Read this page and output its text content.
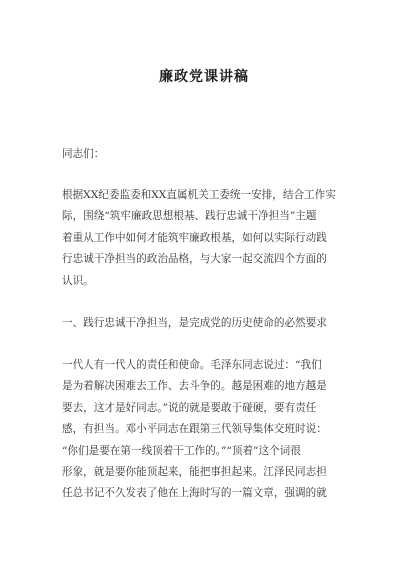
廉政党课讲稿
同志们：
根据XX纪委监委和XX直属机关工委统一安排，结合工作实
际，围绕“筑牢廉政思想根基、践行忠诚干净担当”主题
着重从工作中如何才能筑牢廉政根基，如何以实际行动践
行忠诚干净担当的政治品格，与大家一起交流四个方面的
认识。
一、践行忠诚干净担当，是完成党的历史使命的必然要求
一代人有一代人的责任和使命。毛泽东同志说过：“我们
是为着解决困难去工作、去斗争的。越是困难的地方越是
要去，这才是好同志。”说的就是要敢于碰硬，要有责任
感，有担当。邓小平同志在跟第三代领导集体交班时说：
“你们是要在第一线顶着干工作的。”“顶着”这个词很
形象，就是要你能顶起来，能把事担起来。江泽民同志担
任总书记不久发表了他在上海时写的一篇文章，强调的就
